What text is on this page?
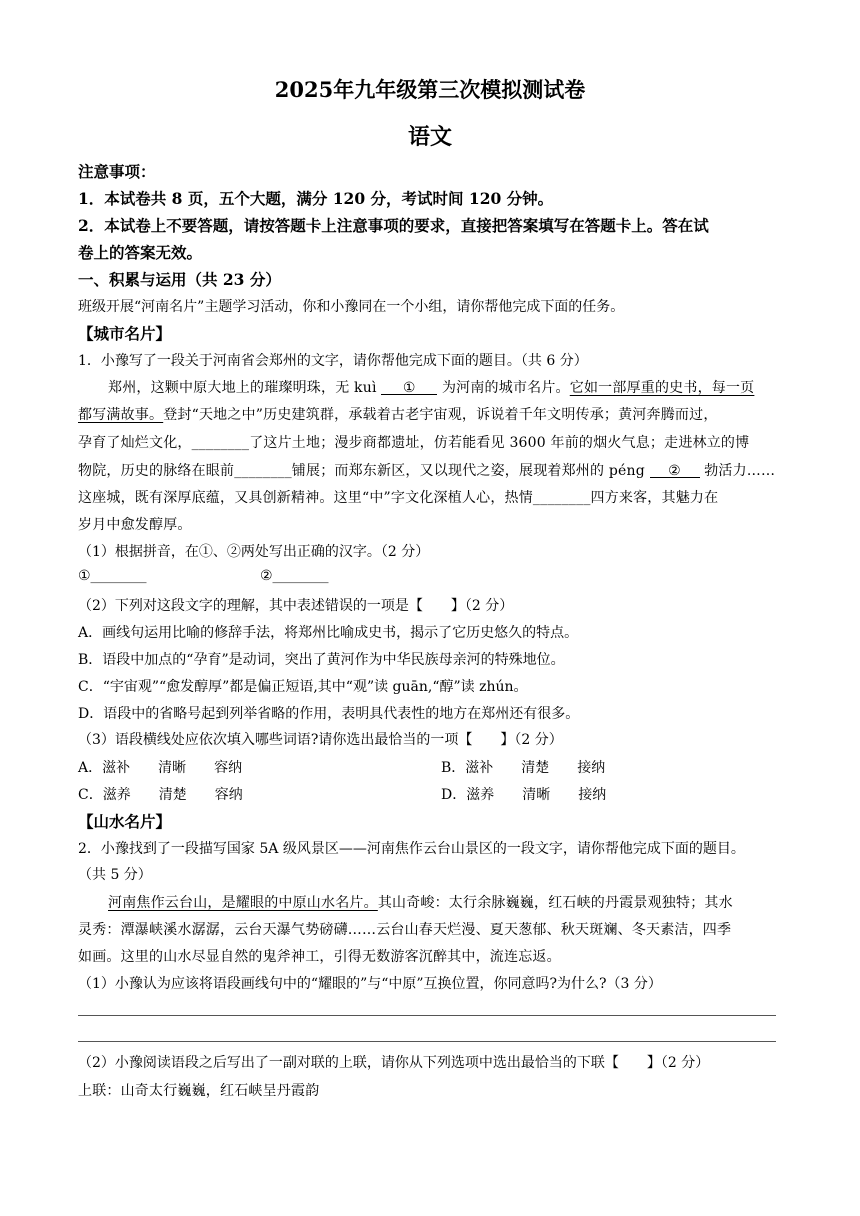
2025年九年级第三次模拟测试卷
语文
注意事项：
1．本试卷共 8 页，五个大题，满分 120 分，考试时间 120 分钟。
2．本试卷上不要答题，请按答题卡上注意事项的要求，直接把答案填写在答题卡上。答在试
卷上的答案无效。
一、积累与运用（共 23 分）
班级开展“河南名片”主题学习活动，你和小豫同在一个小组，请你帮他完成下面的任务。
【城市名片】
1．小豫写了一段关于河南省会郑州的文字，请你帮他完成下面的题目。（共 6 分）
郑州，这颗中原大地上的璀璨明珠，无 kuì ① 为河南的城市名片。它如一部厚重的史书，每一页
都写满故事。登封“天地之中”历史建筑群，承载着古老宇宙观，诉说着千年文明传承；黄河奔腾而过，
孕育了灿烂文化，________了这片土地；漫步商都遗址，仿若能看见 3600 年前的烟火气息；走进林立的博
物院，历史的脉络在眼前________铺展；而郑东新区，又以现代之姿，展现着郑州的 péng ② 勃活力……
这座城，既有深厚底蕴，又具创新精神。这里“中”字文化深植人心，热情________四方来客，其魅力在
岁月中愈发醇厚。
（1）根据拼音，在①、②两处写出正确的汉字。（2 分）
①________	②________
（2）下列对这段文字的理解，其中表述错误的一项是【　　】（2 分）
A．画线句运用比喻的修辞手法，将郑州比喻成史书，揭示了它历史悠久的特点。
B．语段中加点的“孕育”是动词，突出了黄河作为中华民族母亲河的特殊地位。
C．“宇宙观”“愈发醇厚”都是偏正短语,其中“观”读 guān,“醇”读 zhún。
D．语段中的省略号起到列举省略的作用，表明具代表性的地方在郑州还有很多。
（3）语段横线处应依次填入哪些词语?请你选出最恰当的一项【　　】（2 分）
A．滋补　　清晰　　容纳	B．滋补　　清楚　　接纳
C．滋养　　清楚　　容纳	D．滋养　　清晰　　接纳
【山水名片】
2．小豫找到了一段描写国家 5A 级风景区——河南焦作云台山景区的一段文字，请你帮他完成下面的题目。
（共 5 分）
河南焦作云台山，是耀眼的中原山水名片。其山奇峻：太行余脉巍巍，红石峡的丹霞景观独特；其水
灵秀：潭瀑峡溪水潺潺，云台天瀑气势磅礴……云台山春天烂漫、夏天葱郁、秋天斑斓、冬天素洁，四季
如画。这里的山水尽显自然的鬼斧神工，引得无数游客沉醉其中，流连忘返。
（1）小豫认为应该将语段画线句中的“耀眼的”与“中原”互换位置，你同意吗?为什么?（3 分）
（2）小豫阅读语段之后写出了一副对联的上联，请你从下列选项中选出最恰当的下联【　　】（2 分）
上联：山奇太行巍巍，红石峡呈丹霞韵
